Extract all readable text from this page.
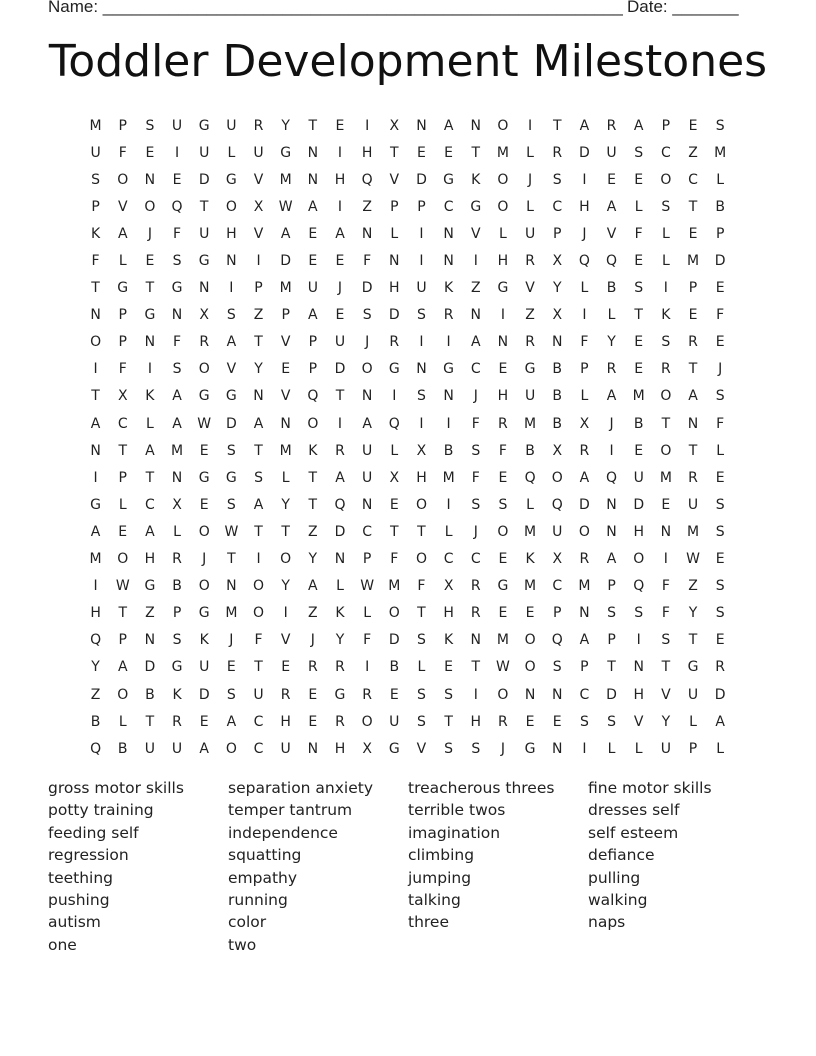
Name: _______________________________________________________ Date: _______
Toddler Development Milestones
M	P	S	U	G	U	R	Y	T	E	I	X	N	A	N	O	I	T	A	R	A	P	E	S
U	F	E	I	U	L	U	G	N	I	H	T	E	E	T	M	L	R	D	U	S	C	Z	M
S	O	N	E	D	G	V	M	N	H	Q	V	D	G	K	O	J	S	I	E	E	O	C	L
P	V	O	Q	T	O	X	W	A	I	Z	P	P	C	G	O	L	C	H	A	L	S	T	B
K	A	J	F	U	H	V	A	E	A	N	L	I	N	V	L	U	P	J	V	F	L	E	P
F	L	E	S	G	N	I	D	E	E	F	N	I	N	I	H	R	X	Q	Q	E	L	M	D
T	G	T	G	N	I	P	M	U	J	D	H	U	K	Z	G	V	Y	L	B	S	I	P	E
N	P	G	N	X	S	Z	P	A	E	S	D	S	R	N	I	Z	X	I	L	T	K	E	F
O	P	N	F	R	A	T	V	P	U	J	R	I	I	A	N	R	N	F	Y	E	S	R	E
I	F	I	S	O	V	Y	E	P	D	O	G	N	G	C	E	G	B	P	R	E	R	T	J
T	X	K	A	G	G	N	V	Q	T	N	I	S	N	J	H	U	B	L	A	M	O	A	S
A	C	L	A	W	D	A	N	O	I	A	Q	I	I	F	R	M	B	X	J	B	T	N	F
N	T	A	M	E	S	T	M	K	R	U	L	X	B	S	F	B	X	R	I	E	O	T	L
I	P	T	N	G	G	S	L	T	A	U	X	H	M	F	E	Q	O	A	Q	U	M	R	E
G	L	C	X	E	S	A	Y	T	Q	N	E	O	I	S	S	L	Q	D	N	D	E	U	S
A	E	A	L	O	W	T	T	Z	D	C	T	T	L	J	O	M	U	O	N	H	N	M	S
M	O	H	R	J	T	I	O	Y	N	P	F	O	C	C	E	K	X	R	A	O	I	W	E
I	W	G	B	O	N	O	Y	A	L	W	M	F	X	R	G	M	C	M	P	Q	F	Z	S
H	T	Z	P	G	M	O	I	Z	K	L	O	T	H	R	E	E	P	N	S	S	F	Y	S
Q	P	N	S	K	J	F	V	J	Y	F	D	S	K	N	M	O	Q	A	P	I	S	T	E
Y	A	D	G	U	E	T	E	R	R	I	B	L	E	T	W	O	S	P	T	N	T	G	R
Z	O	B	K	D	S	U	R	E	G	R	E	S	S	I	O	N	N	C	D	H	V	U	D
B	L	T	R	E	A	C	H	E	R	O	U	S	T	H	R	E	E	S	S	V	Y	L	A
Q	B	U	U	A	O	C	U	N	H	X	G	V	S	S	J	G	N	I	L	L	U	P	L
gross motor skills	separation anxiety	treacherous threes	fine motor skills
potty training	temper tantrum	terrible twos	dresses self
feeding self	independence	imagination	self esteem
regression	squatting	climbing	defiance
teething	empathy	jumping	pulling
pushing	running	talking	walking
autism	color	three	naps
one	two
